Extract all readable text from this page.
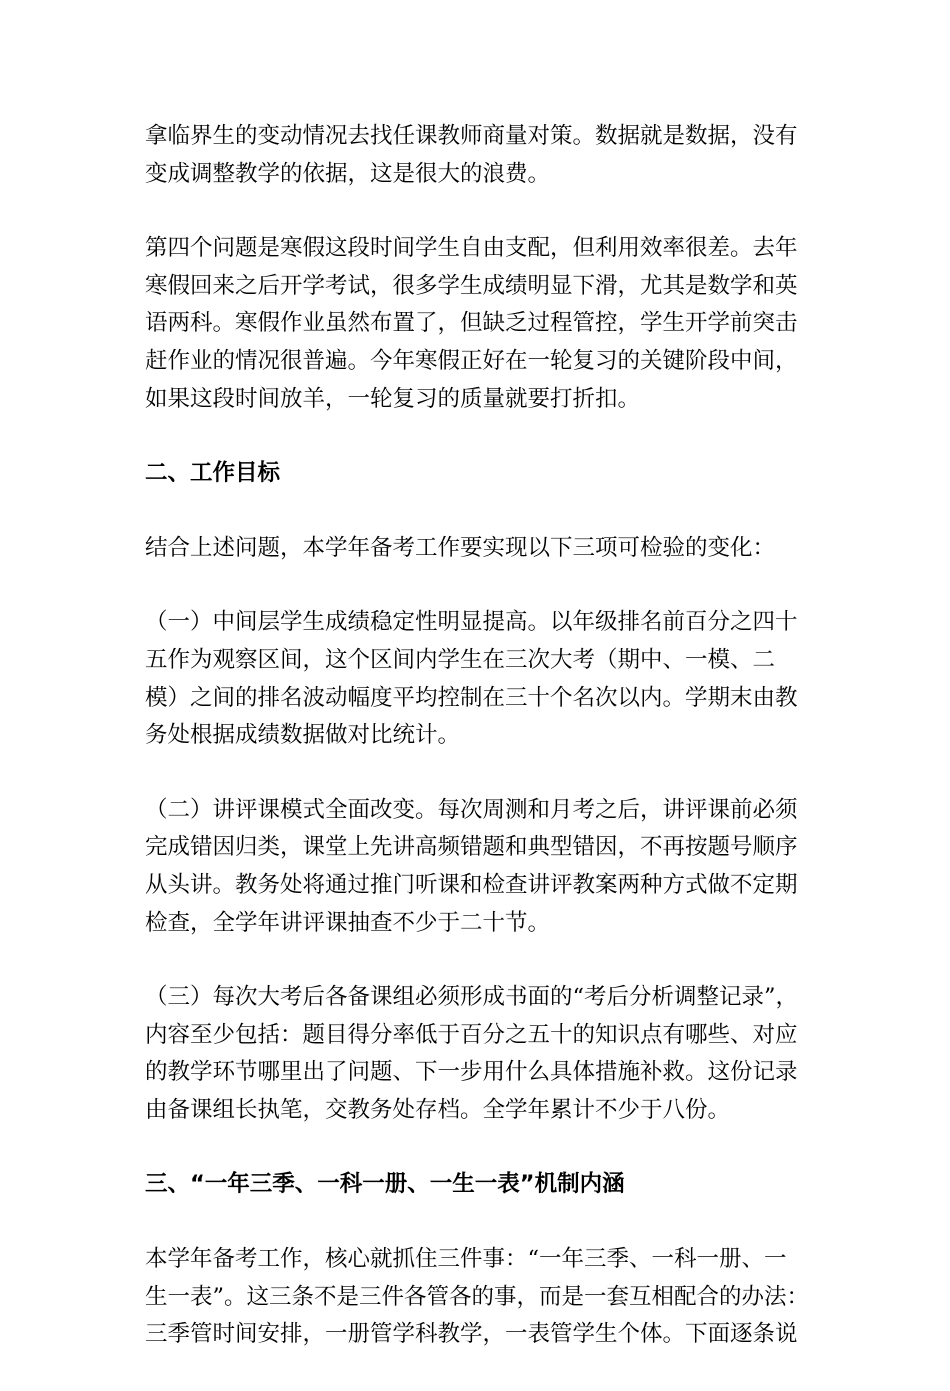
拿临界生的变动情况去找任课教师商量对策。数据就是数据，没有
变成调整教学的依据，这是很大的浪费。

第四个问题是寒假这段时间学生自由支配，但利用效率很差。去年
寒假回来之后开学考试，很多学生成绩明显下滑，尤其是数学和英
语两科。寒假作业虽然布置了，但缺乏过程管控，学生开学前突击
赶作业的情况很普遍。今年寒假正好在一轮复习的关键阶段中间，
如果这段时间放羊，一轮复习的质量就要打折扣。

二、工作目标

结合上述问题，本学年备考工作要实现以下三项可检验的变化：

（一）中间层学生成绩稳定性明显提高。以年级排名前百分之四十
五作为观察区间，这个区间内学生在三次大考（期中、一模、二
模）之间的排名波动幅度平均控制在三十个名次以内。学期末由教
务处根据成绩数据做对比统计。

（二）讲评课模式全面改变。每次周测和月考之后，讲评课前必须
完成错因归类，课堂上先讲高频错题和典型错因，不再按题号顺序
从头讲。教务处将通过推门听课和检查讲评教案两种方式做不定期
检查，全学年讲评课抽查不少于二十节。

（三）每次大考后各备课组必须形成书面的“考后分析调整记录”，
内容至少包括：题目得分率低于百分之五十的知识点有哪些、对应
的教学环节哪里出了问题、下一步用什么具体措施补救。这份记录
由备课组长执笔，交教务处存档。全学年累计不少于八份。

三、“一年三季、一科一册、一生一表”机制内涵

本学年备考工作，核心就抓住三件事：“一年三季、一科一册、一
生一表”。这三条不是三件各管各的事，而是一套互相配合的办法：
三季管时间安排，一册管学科教学，一表管学生个体。下面逐条说
